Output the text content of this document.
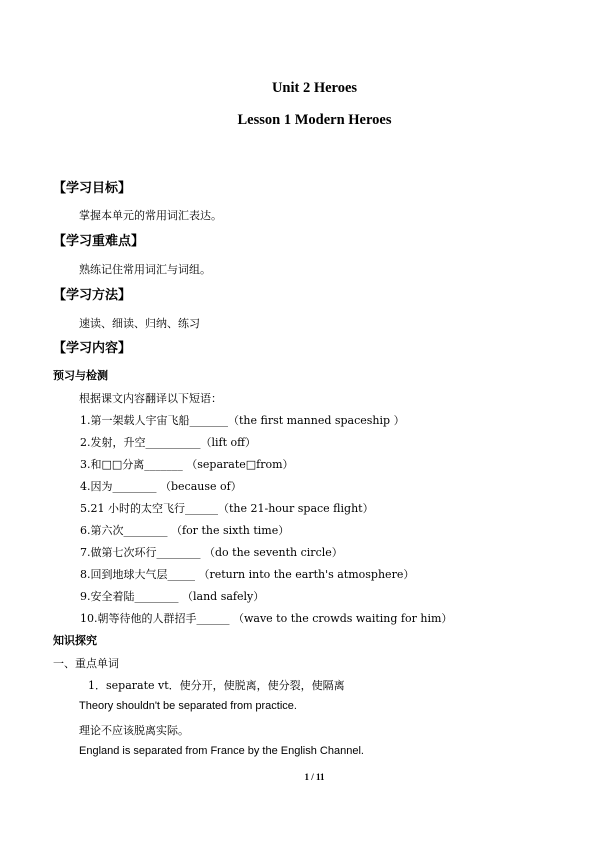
Unit 2 Heroes
Lesson 1 Modern Heroes
【学习目标】
掌握本单元的常用词汇表达。
【学习重难点】
熟练记住常用词汇与词组。
【学习方法】
速读、细读、归纳、练习
【学习内容】
预习与检测
根据课文内容翻译以下短语：
1.第一架载人宇宙飞船_______（the first manned spaceship ）
2.发射，升空__________（lift off）
3.和□□分离_______ （separate□from）
4.因为________ （because of）
5.21 小时的太空飞行______（the 21-hour space flight）
6.第六次________ （for the sixth time）
7.做第七次环行________ （do the seventh circle）
8.回到地球大气层_____ （return into the earth's atmosphere）
9.安全着陆________ （land safely）
10.朝等待他的人群招手______ （wave to the crowds waiting for him）
知识探究
一、重点单词
1．separate vt．使分开，使脱离，使分裂，使隔离
Theory shouldn't be separated from practice.
理论不应该脱离实际。
England is separated from France by the English Channel.
1 / 11
